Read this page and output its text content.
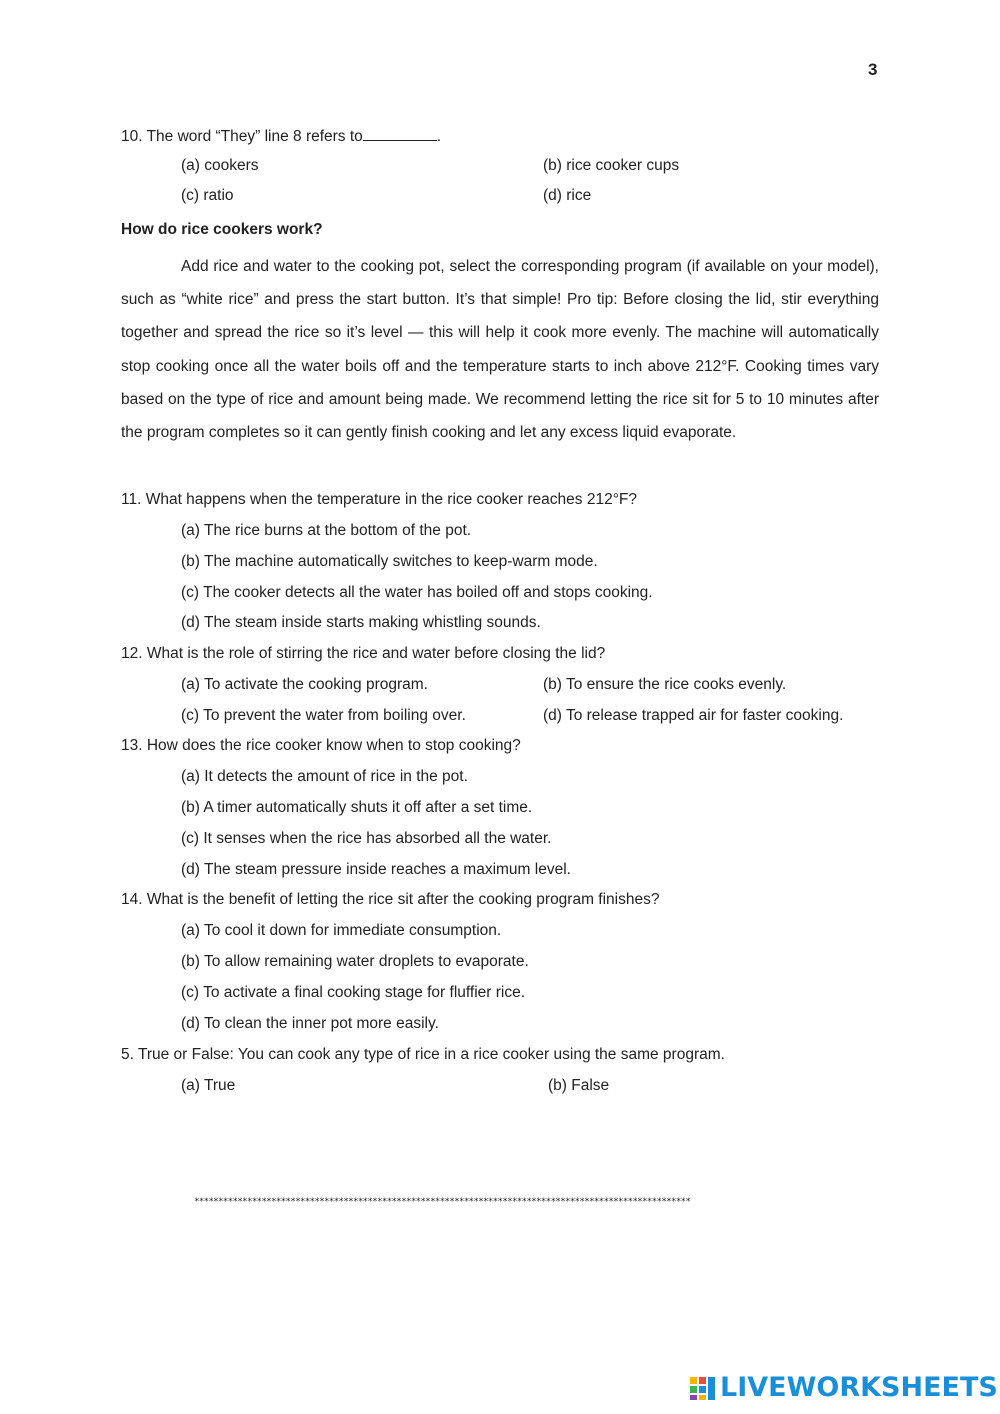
3
10. The word “They” line 8 refers to	.
(a) cookers	(b) rice cooker cups
(c) ratio	(d) rice
How do rice cookers work?
Add rice and water to the cooking pot, select the corresponding program (if available on your model), such as “white rice” and press the start button. It’s that simple! Pro tip: Before closing the lid, stir everything together and spread the rice so it’s level — this will help it cook more evenly. The machine will automatically stop cooking once all the water boils off and the temperature starts to inch above 212°F. Cooking times vary based on the type of rice and amount being made. We recommend letting the rice sit for 5 to 10 minutes after the program completes so it can gently finish cooking and let any excess liquid evaporate.
11. What happens when the temperature in the rice cooker reaches 212°F?
(a) The rice burns at the bottom of the pot.
(b) The machine automatically switches to keep-warm mode.
(c) The cooker detects all the water has boiled off and stops cooking.
(d) The steam inside starts making whistling sounds.
12. What is the role of stirring the rice and water before closing the lid?
(a) To activate the cooking program.	(b) To ensure the rice cooks evenly.
(c) To prevent the water from boiling over.	(d) To release trapped air for faster cooking.
13. How does the rice cooker know when to stop cooking?
(a) It detects the amount of rice in the pot.
(b) A timer automatically shuts it off after a set time.
(c) It senses when the rice has absorbed all the water.
(d) The steam pressure inside reaches a maximum level.
14. What is the benefit of letting the rice sit after the cooking program finishes?
(a) To cool it down for immediate consumption.
(b) To allow remaining water droplets to evaporate.
(c) To activate a final cooking stage for fluffier rice.
(d) To clean the inner pot more easily.
5. True or False: You can cook any type of rice in a rice cooker using the same program.
(a) True	(b) False
*******************************************************************************************************
LIVEWORKSHEETS
